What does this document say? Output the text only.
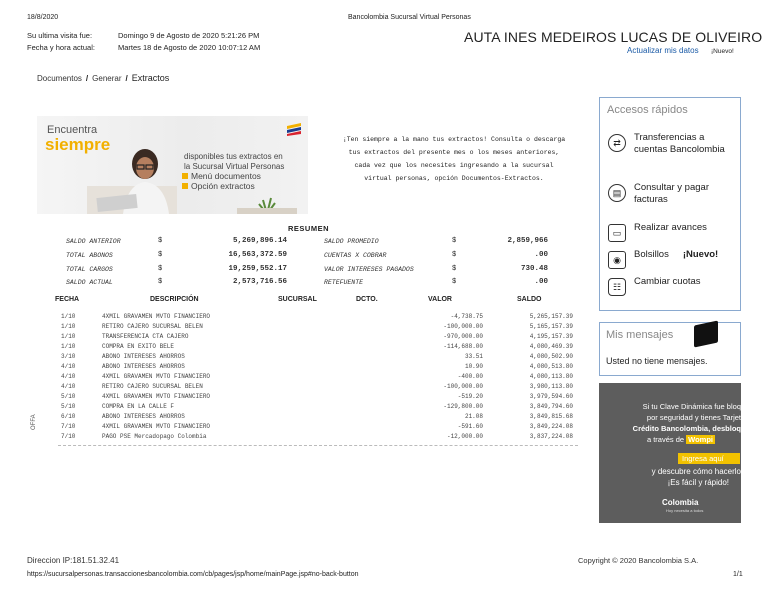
18/8/2020	Bancolombia Sucursal Virtual Personas
Su ultima visita fue:	Domingo 9 de Agosto de 2020 5:21:26 PM
Fecha y hora actual:	Martes 18 de Agosto de 2020 10:07:12 AM
AUTA INES MEDEIROS LUCAS DE OLIVEIRO
Actualizar mis datos ¡Nuevo!
Documentos / Generar / Extractos
Encuentra
siempre
disponibles tus extractos en
la Sucursal Virtual Personas
Menú documentos
Opción extractos
¡Ten siempre a la mano tus extractos! Consulta o descarga tus extractos del presente mes o los meses anteriores, cada vez que los necesites ingresando a la sucursal virtual personas, opción Documentos-Extractos.
RESUMEN
SALDO ANTERIOR	$	5,269,896.14
TOTAL ABONOS	$	16,563,372.59
TOTAL CARGOS	$	19,259,552.17
SALDO ACTUAL	$	2,573,716.56
SALDO PROMEDIO	$	2,859,966
CUENTAS X COBRAR	$	.00
VALOR INTERESES PAGADOS	$	730.48
RETEFUENTE	$	.00
FECHA	DESCRIPCIÓN	SUCURSAL	DCTO.	VALOR	SALDO
1/10	4XMIL GRAVAMEN MVTO FINANCIERO	-4,738.75	5,265,157.39
1/10	RETIRO CAJERO SUCURSAL BELEN	-100,000.00	5,165,157.39
1/10	TRANSFERENCIA CTA CAJERO	-970,000.00	4,195,157.39
1/10	COMPRA EN EXITO BELE	-114,688.00	4,080,469.39
3/10	ABONO INTERESES AHORROS	33.51	4,080,502.90
4/10	ABONO INTERESES AHORROS	10.90	4,080,513.80
4/10	4XMIL GRAVAMEN MVTO FINANCIERO	-400.00	4,080,113.80
4/10	RETIRO CAJERO SUCURSAL BELEN	-100,000.00	3,980,113.80
5/10	4XMIL GRAVAMEN MVTO FINANCIERO	-519.20	3,979,594.60
5/10	COMPRA EN LA CALLE F	-129,800.00	3,849,794.60
6/10	ABONO INTERESES AHORROS	21.08	3,849,815.68
7/10	4XMIL GRAVAMEN MVTO FINANCIERO	-591.60	3,849,224.08
7/10	PAGO PSE Mercadopago Colombia	-12,000.00	3,837,224.08
OFFA
Accesos rápidos
⇄	Transferencias a cuentas Bancolombia
▤	Consultar y pagar facturas
▭	Realizar avances
◉	Bolsillos ¡Nuevo!
☷	Cambiar cuotas
Mis mensajes
Usted no tiene mensajes.
Si tu Clave Dinámica fue bloq
por seguridad y tienes Tarjet
Crédito Bancolombia, desbloq
a través de Wompi
Ingresa aquí
y descubre cómo hacerlo
¡Es fácil y rápido!
Colombia
Hoy necesita a todos
Direccion IP:181.51.32.41	Copyright © 2020 Bancolombia S.A.
https://sucursalpersonas.transaccionesbancolombia.com/cb/pages/jsp/home/mainPage.jsp#no-back-button	1/1
